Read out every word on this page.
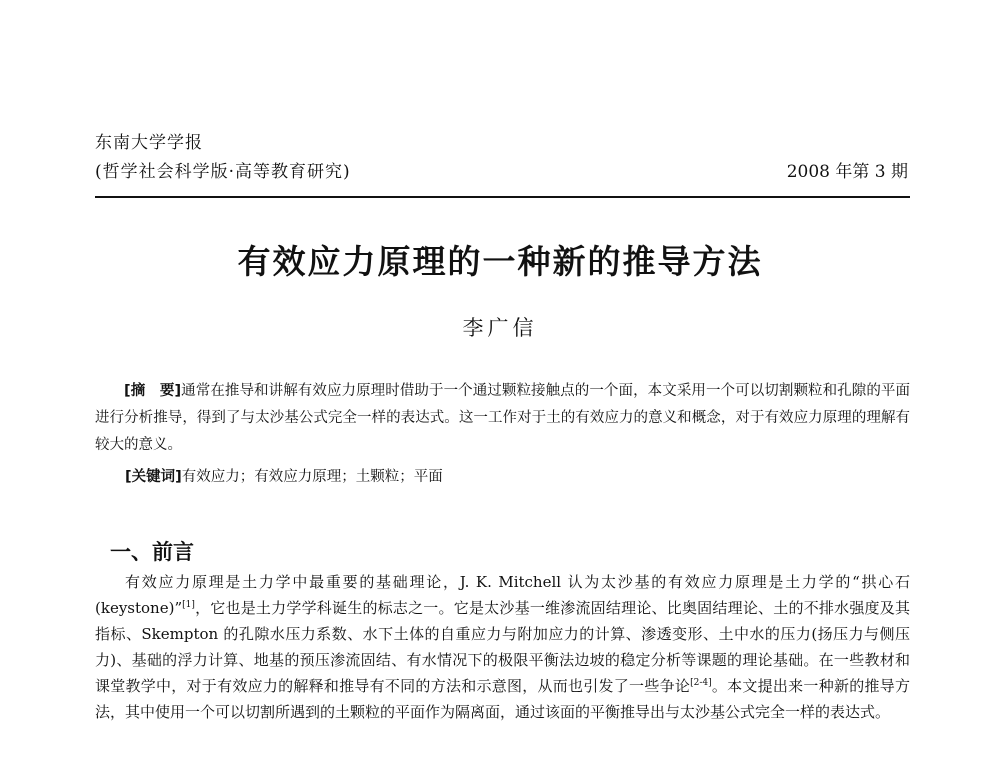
东南大学学报
(哲学社会科学版·高等教育研究)	2008 年第 3 期
有效应力原理的一种新的推导方法
李广信

[摘　要]通常在推导和讲解有效应力原理时借助于一个通过颗粒接触点的一个面，本文采用一个可以切割颗粒和孔隙的平面进行分析推导，得到了与太沙基公式完全一样的表达式。这一工作对于土的有效应力的意义和概念，对于有效应力原理的理解有较大的意义。

[关键词]有效应力；有效应力原理；土颗粒；平面

一、前言

有效应力原理是土力学中最重要的基础理论，J. K. Mitchell 认为太沙基的有效应力原理是土力学的“拱心石(keystone)”[1]，它也是土力学学科诞生的标志之一。它是太沙基一维渗流固结理论、比奥固结理论、土的不排水强度及其指标、Skempton 的孔隙水压力系数、水下土体的自重应力与附加应力的计算、渗透变形、土中水的压力(扬压力与侧压力)、基础的浮力计算、地基的预压渗流固结、有水情况下的极限平衡法边坡的稳定分析等课题的理论基础。在一些教材和课堂教学中，对于有效应力的解释和推导有不同的方法和示意图，从而也引发了一些争论[2-4]。本文提出来一种新的推导方法，其中使用一个可以切割所遇到的土颗粒的平面作为隔离面，通过该面的平衡推导出与太沙基公式完全一样的表达式。
